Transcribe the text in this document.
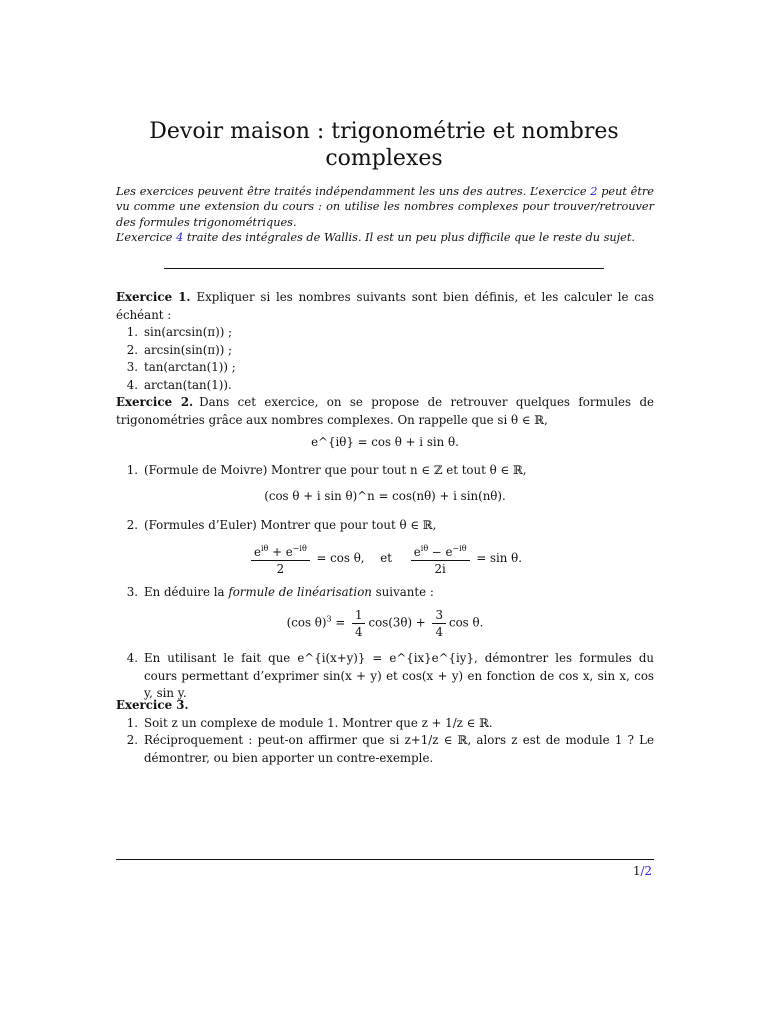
Devoir maison : trigonométrie et nombres
complexes

Les exercices peuvent être traités indépendamment les uns des autres. L’exercice 2 peut être vu comme une extension du cours : on utilise les nombres complexes pour trouver/retrouver des formules trigonométriques.

L’exercice 4 traite des intégrales de Wallis. Il est un peu plus difficile que le reste du sujet.

Exercice 1. Expliquer si les nombres suivants sont bien définis, et les calculer le cas échéant :

1. sin(arcsin(π)) ;
2. arcsin(sin(π)) ;
3. tan(arctan(1)) ;
4. arctan(tan(1)).

Exercice 2. Dans cet exercice, on se propose de retrouver quelques formules de trigonométries grâce aux nombres complexes. On rappelle que si θ ∈ ℝ,

e^{iθ} = cos θ + i sin θ.
1. (Formule de Moivre) Montrer que pour tout n ∈ ℤ et tout θ ∈ ℝ,
(cos θ + i sin θ)^n = cos(nθ) + i sin(nθ).
2. (Formules d’Euler) Montrer que pour tout θ ∈ ℝ,
$\frac{e^{i\theta} + e^{-i\theta}}{2} = \cos \theta$, et $\frac{e^{i\theta} - e^{-i\theta}}{2i} = \sin \theta$.
3. En déduire la formule de linéarisation suivante :
(cos $\theta)^3 = \frac{1}{4} \cos(3\theta) + \frac{3}{4}$ cos θ.
4. En utilisant le fait que e^{i(x+y)} = e^{ix}e^{iy}, démontrer les formules du cours permettant d’exprimer sin(x + y) et cos(x + y) en fonction de cos x, sin x, cos y, sin y.

Exercice 3.

1. Soit z un complexe de module 1. Montrer que z + 1/z ∈ ℝ.
2. Réciproquement : peut-on affirmer que si z+1/z ∈ ℝ, alors z est de module 1 ? Le démontrer, ou bien apporter un contre-exemple.
1/2
